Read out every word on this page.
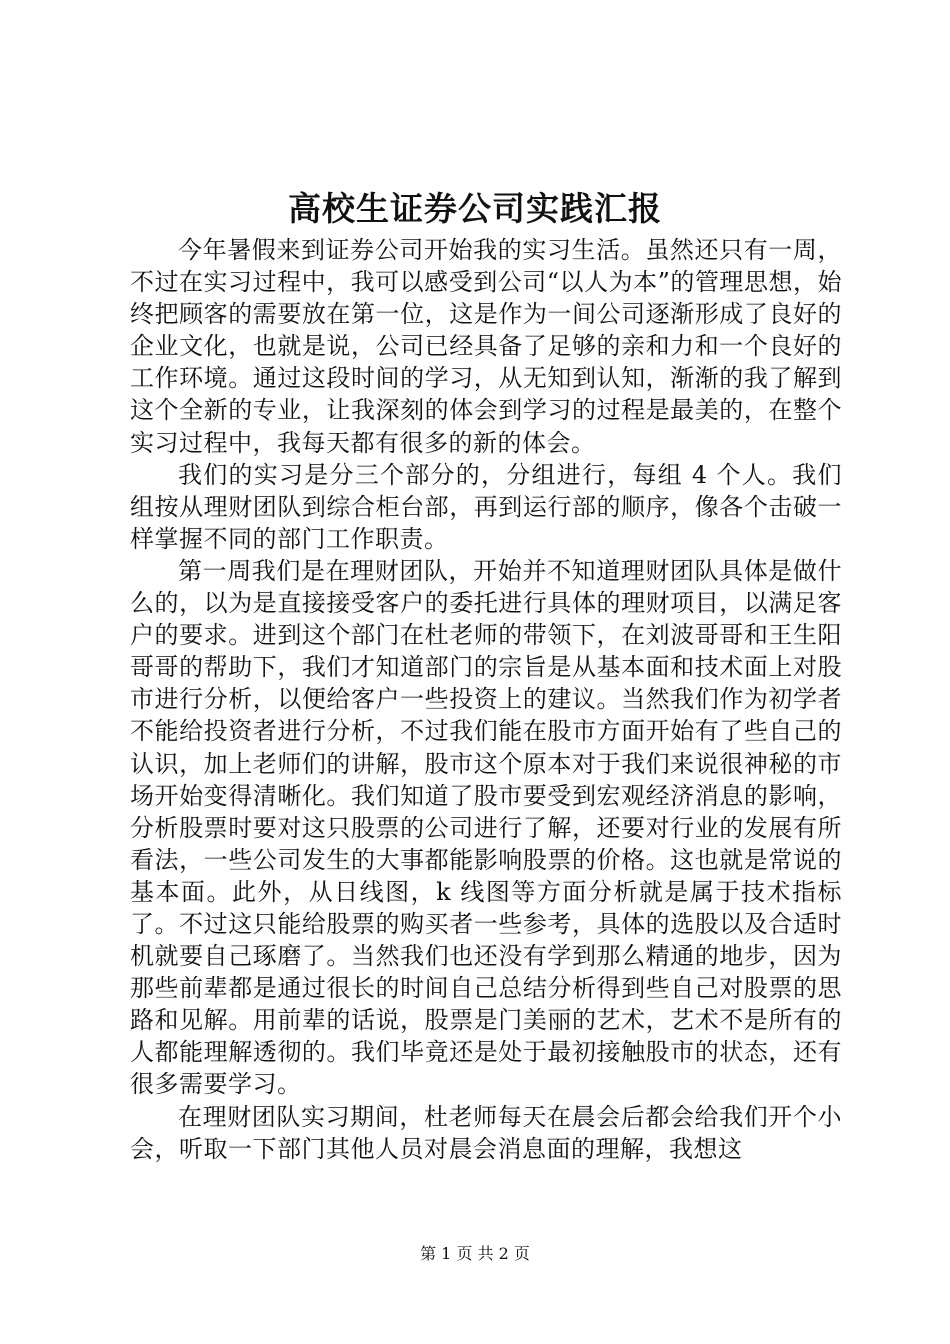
高校生证券公司实践汇报

今年暑假来到证券公司开始我的实习生活。虽然还只有一周，不过在实习过程中，我可以感受到公司“以人为本”的管理思想，始终把顾客的需要放在第一位，这是作为一间公司逐渐形成了良好的企业文化，也就是说，公司已经具备了足够的亲和力和一个良好的工作环境。通过这段时间的学习，从无知到认知，渐渐的我了解到这个全新的专业，让我深刻的体会到学习的过程是最美的，在整个实习过程中，我每天都有很多的新的体会。

我们的实习是分三个部分的，分组进行，每组 4 个人。我们组按从理财团队到综合柜台部，再到运行部的顺序，像各个击破一样掌握不同的部门工作职责。

第一周我们是在理财团队，开始并不知道理财团队具体是做什么的，以为是直接接受客户的委托进行具体的理财项目，以满足客户的要求。进到这个部门在杜老师的带领下，在刘波哥哥和王生阳哥哥的帮助下，我们才知道部门的宗旨是从基本面和技术面上对股市进行分析，以便给客户一些投资上的建议。当然我们作为初学者不能给投资者进行分析，不过我们能在股市方面开始有了些自己的认识，加上老师们的讲解，股市这个原本对于我们来说很神秘的市场开始变得清晰化。我们知道了股市要受到宏观经济消息的影响，分析股票时要对这只股票的公司进行了解，还要对行业的发展有所看法，一些公司发生的大事都能影响股票的价格。这也就是常说的基本面。此外，从日线图，k 线图等方面分析就是属于技术指标了。不过这只能给股票的购买者一些参考，具体的选股以及合适时机就要自己琢磨了。当然我们也还没有学到那么精通的地步，因为那些前辈都是通过很长的时间自己总结分析得到些自己对股票的思路和见解。用前辈的话说，股票是门美丽的艺术，艺术不是所有的人都能理解透彻的。我们毕竟还是处于最初接触股市的状态，还有很多需要学习。

在理财团队实习期间，杜老师每天在晨会后都会给我们开个小会，听取一下部门其他人员对晨会消息面的理解，我想这

第 1 页 共 2 页
